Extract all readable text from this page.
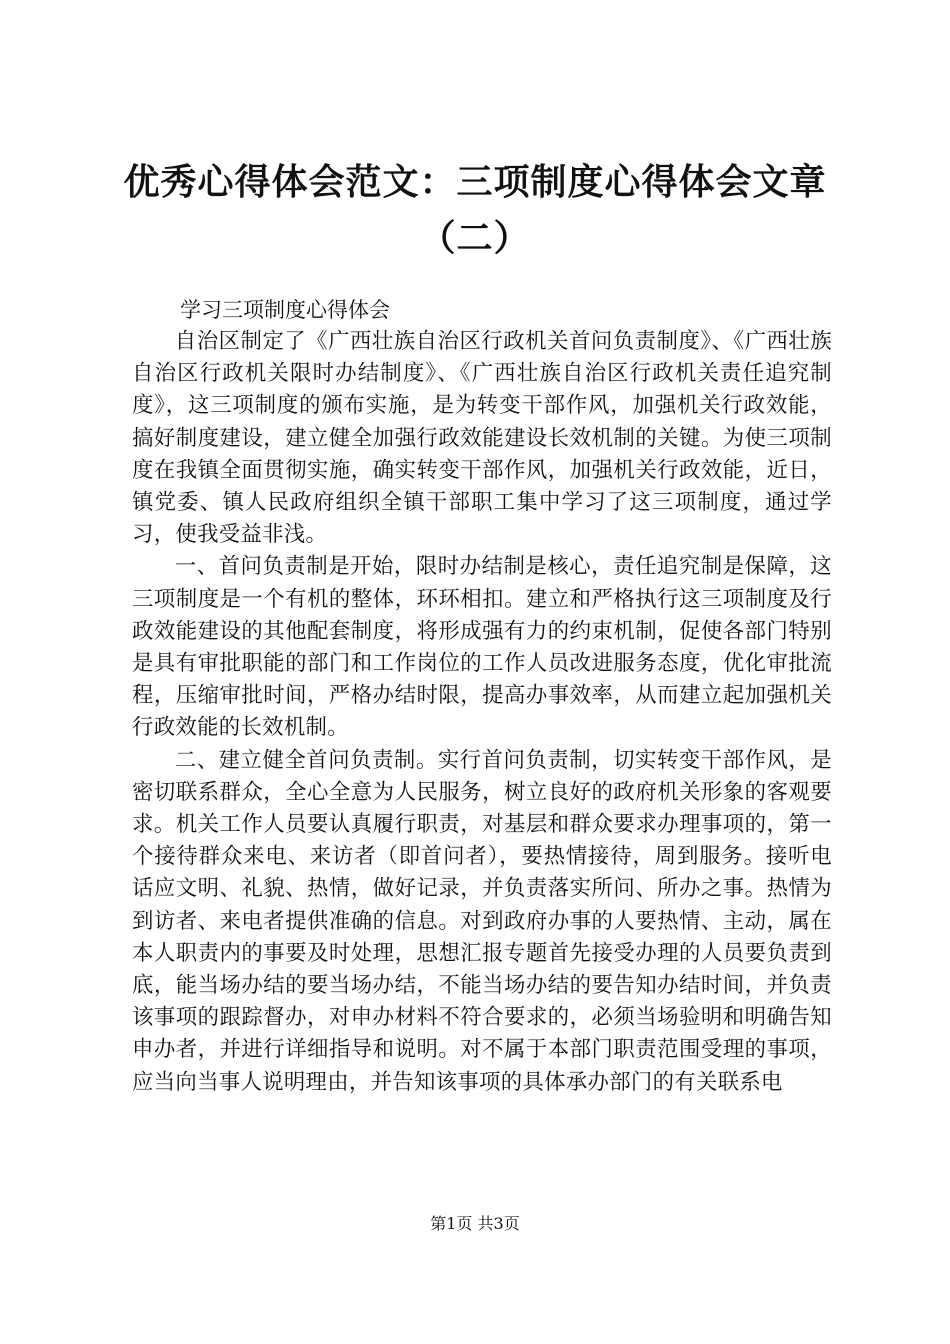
优秀心得体会范文：三项制度心得体会文章（二）

学习三项制度心得体会

自治区制定了《广西壮族自治区行政机关首问负责制度》、《广西壮族自治区行政机关限时办结制度》、《广西壮族自治区行政机关责任追究制度》，这三项制度的颁布实施，是为转变干部作风，加强机关行政效能，搞好制度建设，建立健全加强行政效能建设长效机制的关键。为使三项制度在我镇全面贯彻实施，确实转变干部作风，加强机关行政效能，近日，镇党委、镇人民政府组织全镇干部职工集中学习了这三项制度，通过学习，使我受益非浅。

一、首问负责制是开始，限时办结制是核心，责任追究制是保障，这三项制度是一个有机的整体，环环相扣。建立和严格执行这三项制度及行政效能建设的其他配套制度，将形成强有力的约束机制，促使各部门特别是具有审批职能的部门和工作岗位的工作人员改进服务态度，优化审批流程，压缩审批时间，严格办结时限，提高办事效率，从而建立起加强机关行政效能的长效机制。

二、建立健全首问负责制。实行首问负责制，切实转变干部作风，是密切联系群众，全心全意为人民服务，树立良好的政府机关形象的客观要求。机关工作人员要认真履行职责，对基层和群众要求办理事项的，第一个接待群众来电、来访者（即首问者），要热情接待，周到服务。接听电话应文明、礼貌、热情，做好记录，并负责落实所问、所办之事。热情为到访者、来电者提供准确的信息。对到政府办事的人要热情、主动，属在本人职责内的事要及时处理，思想汇报专题首先接受办理的人员要负责到底，能当场办结的要当场办结，不能当场办结的要告知办结时间，并负责该事项的跟踪督办，对申办材料不符合要求的，必须当场验明和明确告知申办者，并进行详细指导和说明。对不属于本部门职责范围受理的事项，应当向当事人说明理由，并告知该事项的具体承办部门的有关联系电

第1页 共3页
